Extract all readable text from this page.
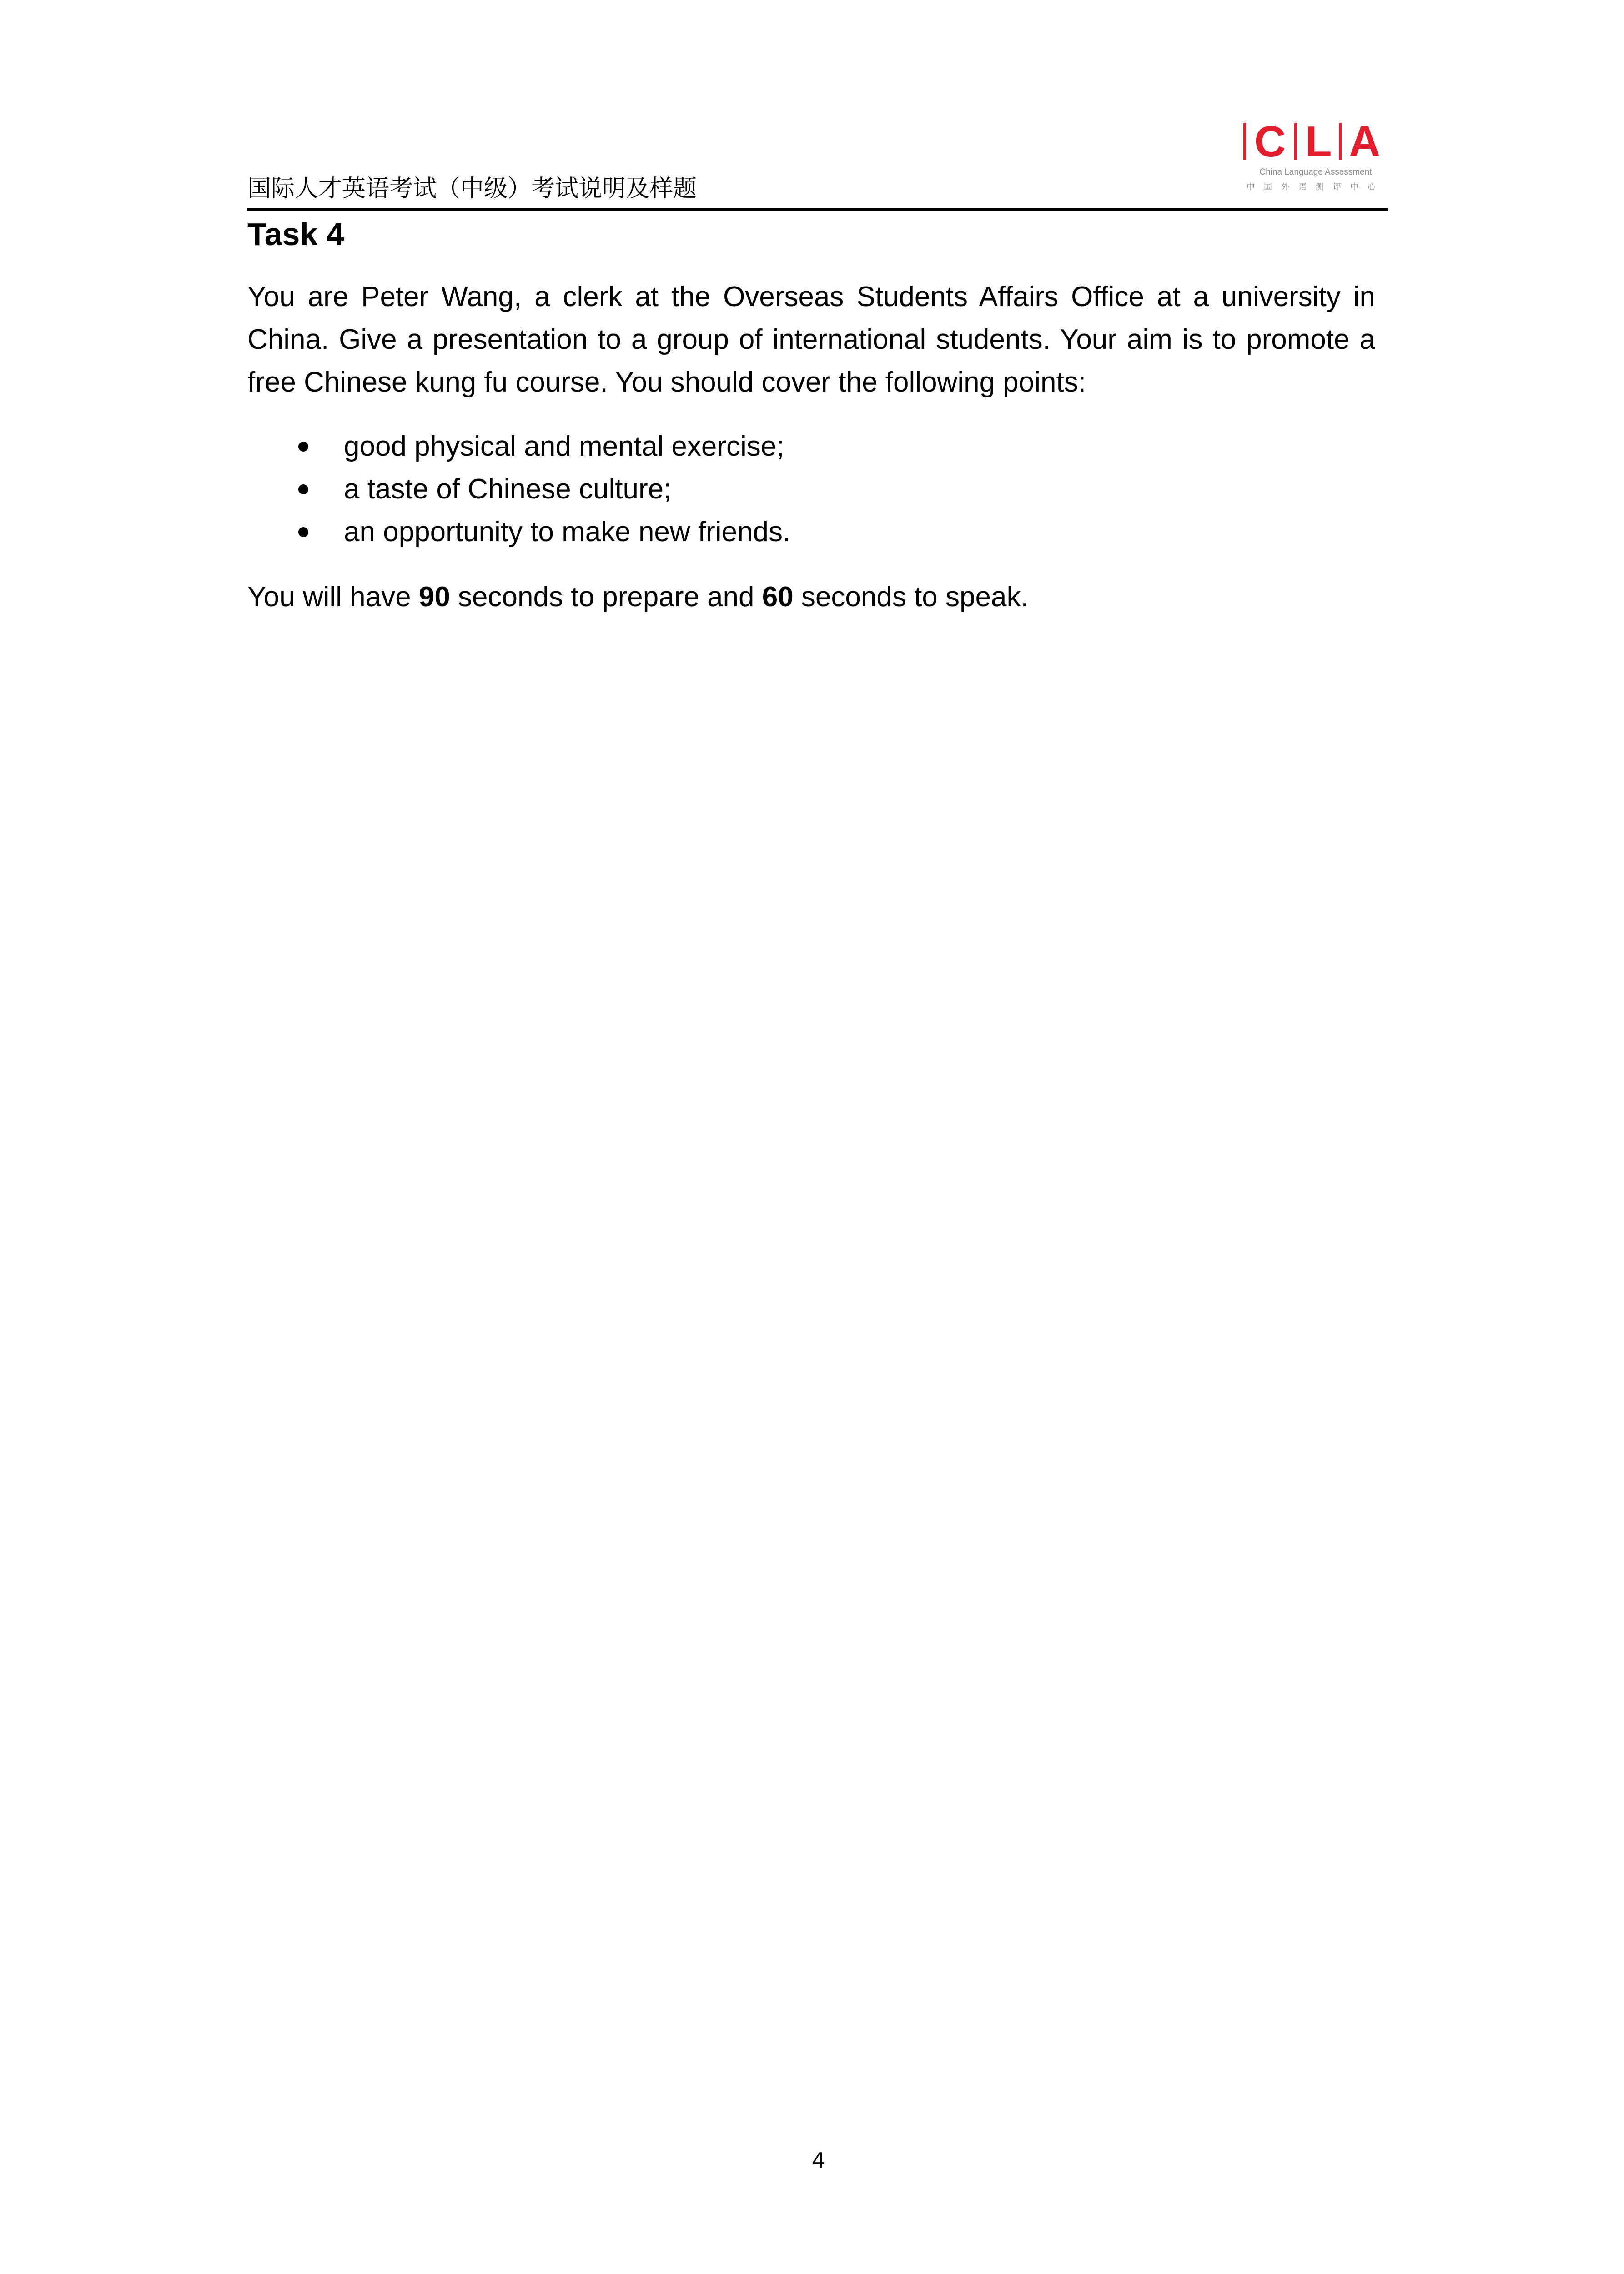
国际人才英语考试（中级）考试说明及样题
C L A
China Language Assessment
中国外语测评中心
Task 4
You are Peter Wang, a clerk at the Overseas Students Affairs Office at a university in China. Give a presentation to a group of international students. Your aim is to promote a free Chinese kung fu course. You should cover the following points:
good physical and mental exercise;
a taste of Chinese culture;
an opportunity to make new friends.
You will have 90 seconds to prepare and 60 seconds to speak.
4
